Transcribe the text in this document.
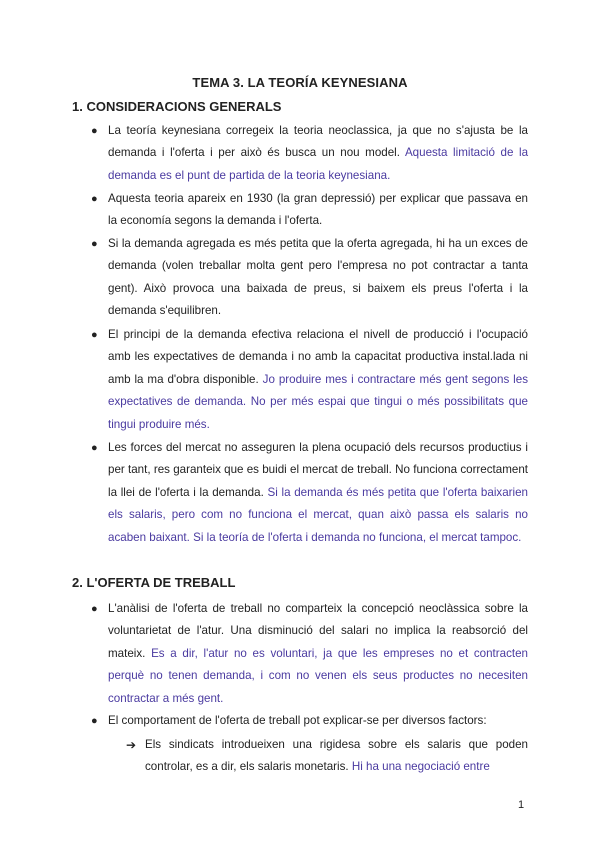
TEMA 3. LA TEORÍA KEYNESIANA
1. CONSIDERACIONS GENERALS
● La teoría keynesiana corregeix la teoria neoclassica, ja que no s'ajusta be la demanda i l'oferta i per això és busca un nou model. Aquesta limitació de la demanda es el punt de partida de la teoria keynesiana.
● Aquesta teoria apareix en 1930 (la gran depressió) per explicar que passava en la economía segons la demanda i l'oferta.
● Si la demanda agregada es més petita que la oferta agregada, hi ha un exces de demanda (volen treballar molta gent pero l'empresa no pot contractar a tanta gent). Això provoca una baixada de preus, si baixem els preus l'oferta i la demanda s'equilibren.
● El principi de la demanda efectiva relaciona el nivell de producció i l'ocupació amb les expectatives de demanda i no amb la capacitat productiva instal.lada ni amb la ma d'obra disponible. Jo produire mes i contractare més gent segons les expectatives de demanda. No per més espai que tingui o més possibilitats que tingui produire més.
● Les forces del mercat no asseguren la plena ocupació dels recursos productius i per tant, res garanteix que es buidi el mercat de treball. No funciona correctament la llei de l'oferta i la demanda. Si la demanda és més petita que l'oferta baixarien els salaris, pero com no funciona el mercat, quan això passa els salaris no acaben baixant. Si la teoría de l'oferta i demanda no funciona, el mercat tampoc.
2. L'OFERTA DE TREBALL
● L'anàlisi de l'oferta de treball no comparteix la concepció neoclàssica sobre la voluntarietat de l'atur. Una disminució del salari no implica la reabsorció del mateix. Es a dir, l'atur no es voluntari, ja que les empreses no et contracten perquè no tenen demanda, i com no venen els seus productes no necesiten contractar a més gent.
● El comportament de l'oferta de treball pot explicar-se per diversos factors:
➔ Els sindicats introdueixen una rigidesa sobre els salaris que poden controlar, es a dir, els salaris monetaris. Hi ha una negociació entre
1
